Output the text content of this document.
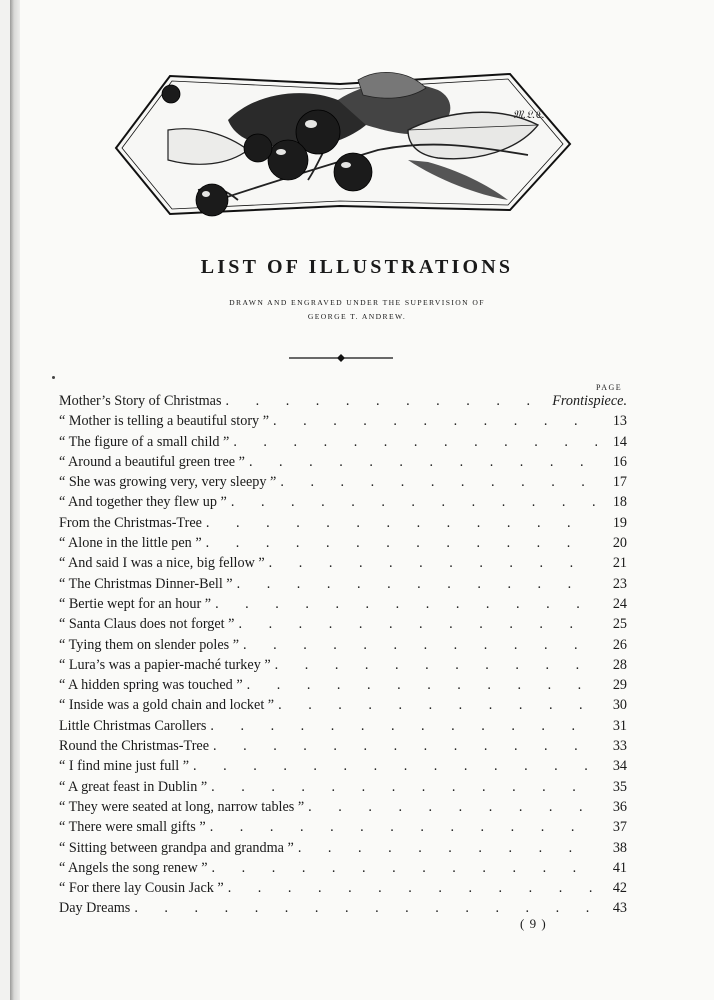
𝔐.𝔏.ℭ.
LIST OF ILLUSTRATIONS
DRAWN AND ENGRAVED UNDER THE SUPERVISION OF
GEORGE T. ANDREW.
PAGE
Mother’s Story of Christmas . . .	Frontispiece.
“ Mother is telling a beautiful story ” . . .	13
“ The figure of a small child ” . . .	14
“ Around a beautiful green tree ” . . .	16
“ She was growing very, very sleepy ” . . .	17
“ And together they flew up ” . . .	18
From the Christmas-Tree . . .	19
“ Alone in the little pen ” . . .	20
“ And said I was a nice, big fellow ” . . .	21
“ The Christmas Dinner-Bell ” . . .	23
“ Bertie wept for an hour ” . . .	24
“ Santa Claus does not forget ” . . .	25
“ Tying them on slender poles ” . . .	26
“ Lura’s was a papier-maché turkey ” . . .	28
“ A hidden spring was touched ” . . .	29
“ Inside was a gold chain and locket ” . . .	30
Little Christmas Carollers . . .	31
Round the Christmas-Tree . . .	33
“ I find mine just full ” . . .	34
“ A great feast in Dublin ” . . .	35
“ They were seated at long, narrow tables ” . . .	36
“ There were small gifts ” . . .	37
“ Sitting between grandpa and grandma ” . . .	38
“ Angels the song renew ” . . .	41
“ For there lay Cousin Jack ” . . .	42
Day Dreams . . .	43
( 9 )
